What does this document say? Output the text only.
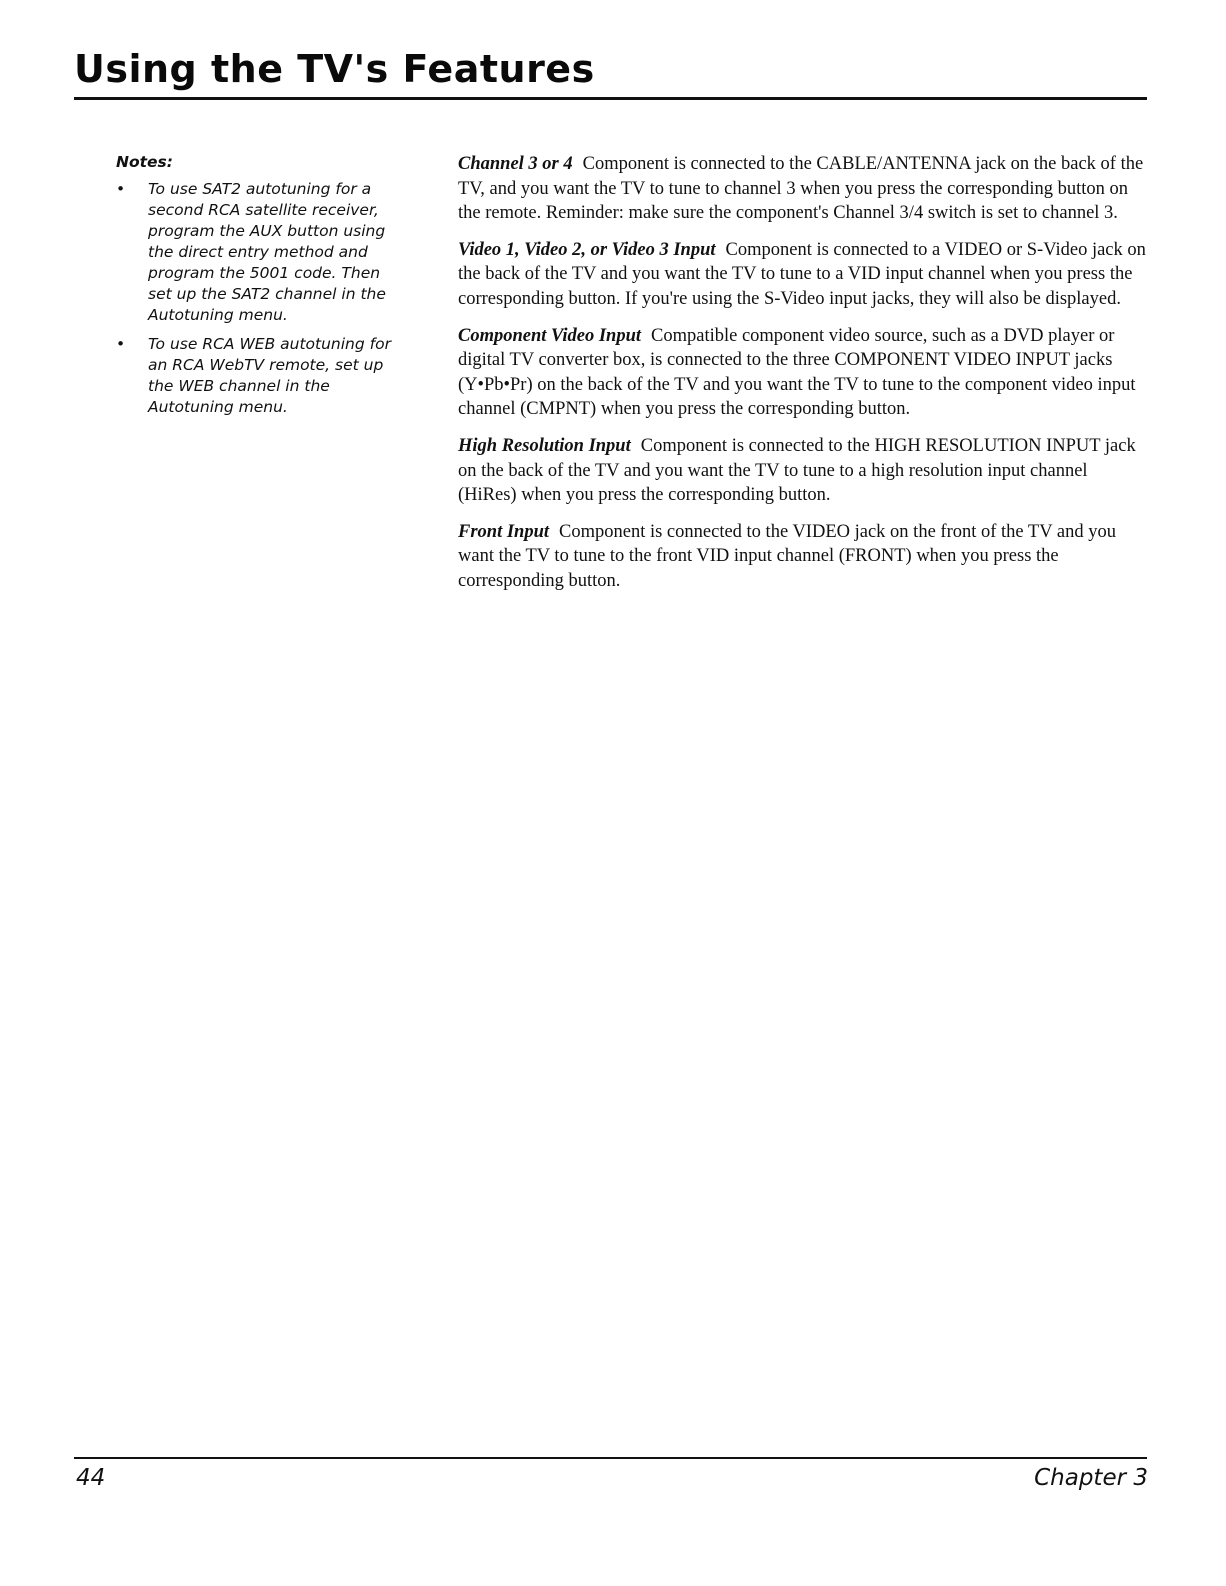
Using the TV's Features
Notes:
• To use SAT2 autotuning for a second RCA satellite receiver, program the AUX button using the direct entry method and program the 5001 code. Then set up the SAT2 channel in the Autotuning menu.
• To use RCA WEB autotuning for an RCA WebTV remote, set up the WEB channel in the Autotuning menu.

Channel 3 or 4 Component is connected to the CABLE/ANTENNA jack on the back of the TV, and you want the TV to tune to channel 3 when you press the corresponding button on the remote. Reminder: make sure the component's Channel 3/4 switch is set to channel 3.

Video 1, Video 2, or Video 3 Input Component is connected to a VIDEO or S-Video jack on the back of the TV and you want the TV to tune to a VID input channel when you press the corresponding button. If you're using the S-Video input jacks, they will also be displayed.

Component Video Input Compatible component video source, such as a DVD player or digital TV converter box, is connected to the three COMPONENT VIDEO INPUT jacks (Y•Pb•Pr) on the back of the TV and you want the TV to tune to the component video input channel (CMPNT) when you press the corresponding button.

High Resolution Input Component is connected to the HIGH RESOLUTION INPUT jack on the back of the TV and you want the TV to tune to a high resolution input channel (HiRes) when you press the corresponding button.

Front Input Component is connected to the VIDEO jack on the front of the TV and you want the TV to tune to the front VID input channel (FRONT) when you press the corresponding button.

44	Chapter 3
